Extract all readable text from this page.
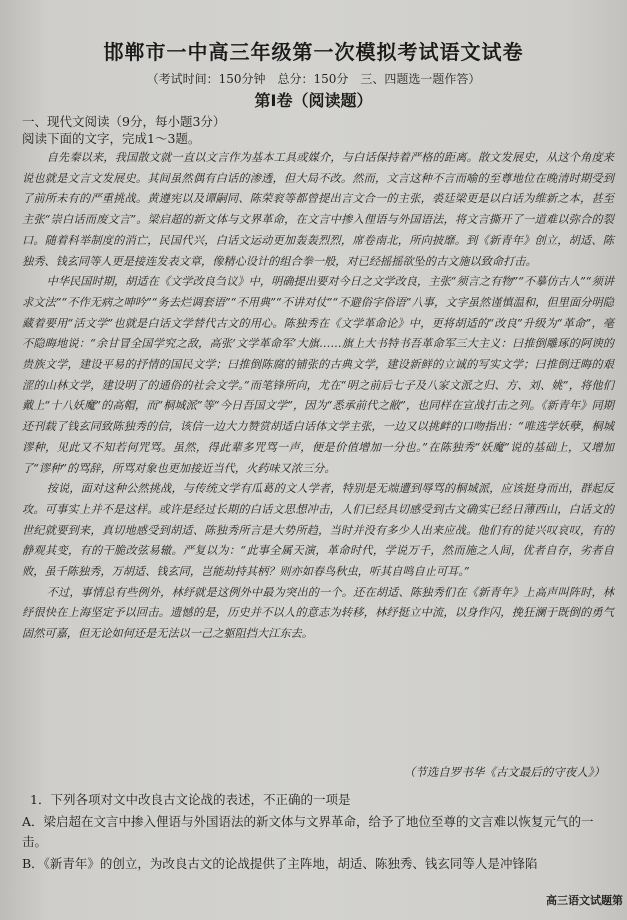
邯郸市一中高三年级第一次模拟考试语文试卷
（考试时间：150分钟　总分：150分　三、四题选一题作答）
第Ⅰ卷（阅读题）
一、现代文阅读（9分，每小题3分）
阅读下面的文字，完成1～3题。

自先秦以来，我国散文就一直以文言作为基本工具或媒介，与白话保持着严格的距离。散文发展史，从这个角度来说也就是文言文发展史。其间虽然偶有白话的渗透，但大局不改。然而，文言这种不言而喻的至尊地位在晚清时期受到了前所未有的严重挑战。黄遵宪以及谭嗣同、陈荣衮等都曾提出言文合一的主张，裘廷梁更是以白话为维新之本，甚至主张“崇白话而废文言”。梁启超的新文体与文界革命，在文言中掺入俚语与外国语法，将文言撕开了一道难以弥合的裂口。随着科举制度的消亡，民国代兴，白话文运动更加轰轰烈烈，席卷南北，所向披靡。到《新青年》创立，胡适、陈独秀、钱玄同等人更是接连发表文章，像精心设计的组合拳一般，对已经摇摇欲坠的古文施以致命打击。

中华民国时期，胡适在《文学改良刍议》中，明确提出要对今日之文学改良，主张“须言之有物”“不摹仿古人”“须讲求文法”“不作无病之呻吟”“务去烂调套语”“不用典”“不讲对仗”“不避俗字俗语”八事，文字虽然谨慎温和，但里面分明隐藏着要用“活文学”也就是白话文学替代古文的用心。陈独秀在《文学革命论》中，更将胡适的“改良”升级为“革命”，毫不隐晦地说：“余甘冒全国学究之敌，高张‘文学革命军’大旗……旗上大书特书吾革命军三大主义：曰推倒雕琢的阿谀的贵族文学，建设平易的抒情的国民文学；曰推倒陈腐的铺张的古典文学，建设新鲜的立诚的写实文学；曰推倒迂晦的艰涩的山林文学，建设明了的通俗的社会文学。”而笔锋所向，尤在“明之前后七子及八家文派之归、方、刘、姚”，将他们戴上“十八妖魔”的高帽，而“桐城派”等“今日吾国文学”，因为“悉承前代之敝”，也同样在宣战打击之列。《新青年》同期还刊载了钱玄同致陈独秀的信，该信一边大力赞赏胡适白话体文学主张，一边又以挑衅的口吻指出：“唯选学妖孽，桐城谬种，见此又不知若何咒骂。虽然，得此辈多咒骂一声，便是价值增加一分也。”在陈独秀“妖魔”说的基础上，又增加了“谬种”的骂辞，所骂对象也更加接近当代，火药味又浓三分。

按说，面对这种公然挑战，与传统文学有瓜葛的文人学者，特别是无端遭到辱骂的桐城派，应该挺身而出，群起反攻。可事实上并不是这样。或许是经过长期的白话文思想冲击，人们已经具切感受到古文确实已经日薄西山，白话文的世纪就要到来，真切地感受到胡适、陈独秀所言是大势所趋，当时并没有多少人出来应战。他们有的徒兴叹哀叹，有的静观其变，有的干脆改弦易辙。严复以为：“此事全属天演，革命时代，学说万千，然而施之人间，优者自存，劣者自败，虽千陈独秀，万胡适、钱玄同，岂能劫持其柄？则亦如春鸟秋虫，听其自鸣自止可耳。”

不过，事情总有些例外，林纾就是这例外中最为突出的一个。还在胡适、陈独秀们在《新青年》上高声叫阵时，林纾很快在上海坚定予以回击。遗憾的是，历史并不以人的意志为转移，林纾挺立中流，以身作闪，挽狂澜于既倒的勇气固然可嘉，但无论如何还是无法以一己之躯阻挡大江东去。

（节选自罗书华《古文最后的守夜人》）
1．下列各项对文中改良古文论战的表述，不正确的一项是
A．梁启超在文言中掺入俚语与外国语法的新文体与文界革命，给予了地位至尊的文言难以恢复元气的一击。
B．《新青年》的创立，为改良古文的论战提供了主阵地，胡适、陈独秀、钱玄同等人是冲锋陷
高三语文试题第
